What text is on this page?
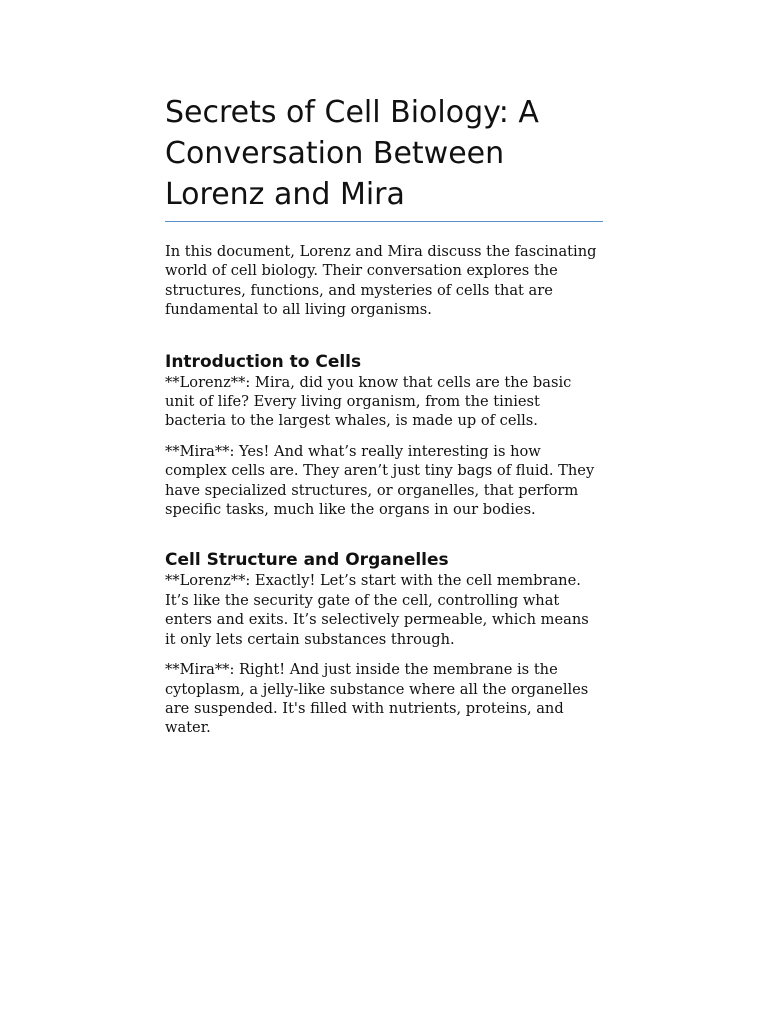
Secrets of Cell Biology: A Conversation Between Lorenz and Mira

In this document, Lorenz and Mira discuss the fascinating world of cell biology. Their conversation explores the structures, functions, and mysteries of cells that are fundamental to all living organisms.

Introduction to Cells

**Lorenz**: Mira, did you know that cells are the basic unit of life? Every living organism, from the tiniest bacteria to the largest whales, is made up of cells.

**Mira**: Yes! And what’s really interesting is how complex cells are. They aren’t just tiny bags of fluid. They have specialized structures, or organelles, that perform specific tasks, much like the organs in our bodies.

Cell Structure and Organelles

**Lorenz**: Exactly! Let’s start with the cell membrane. It’s like the security gate of the cell, controlling what enters and exits. It’s selectively permeable, which means it only lets certain substances through.

**Mira**: Right! And just inside the membrane is the cytoplasm, a jelly-like substance where all the organelles are suspended. It's filled with nutrients, proteins, and water.
